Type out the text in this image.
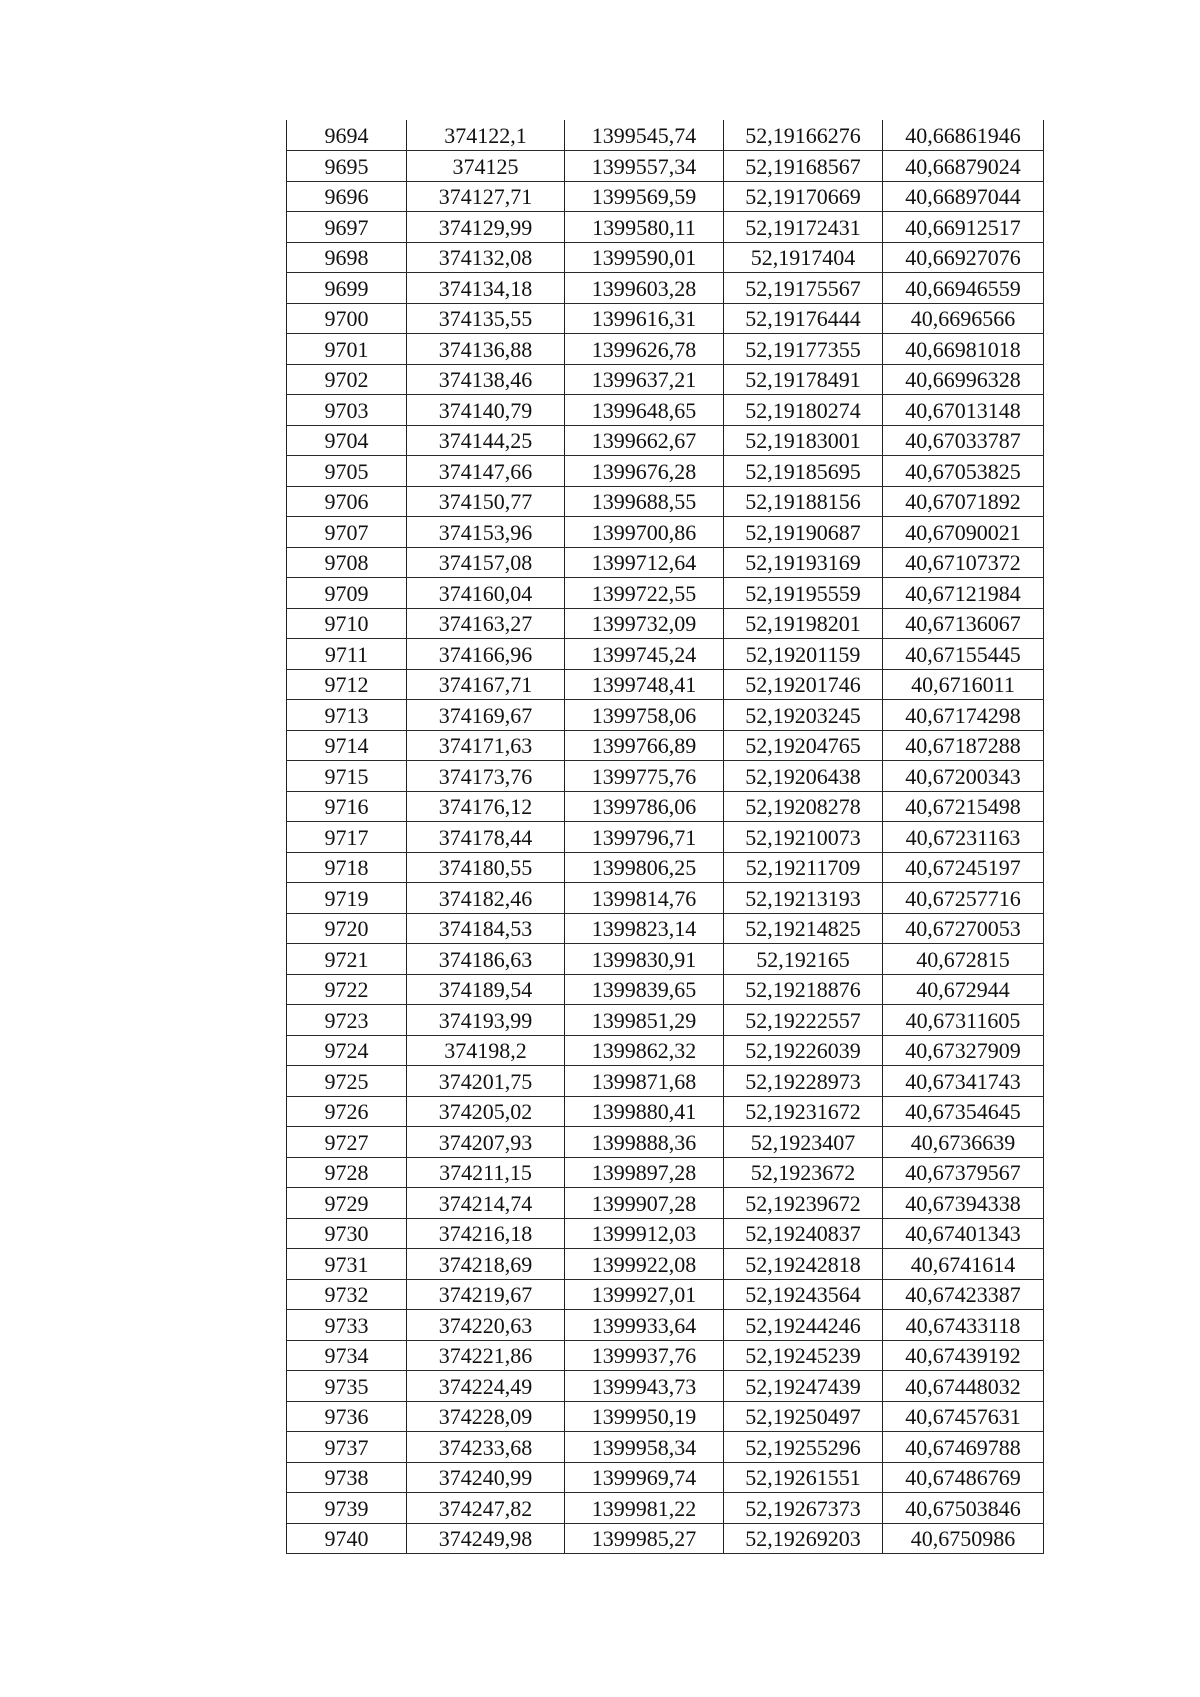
9694	374122,1	1399545,74	52,19166276	40,66861946
9695	374125	1399557,34	52,19168567	40,66879024
9696	374127,71	1399569,59	52,19170669	40,66897044
9697	374129,99	1399580,11	52,19172431	40,66912517
9698	374132,08	1399590,01	52,1917404	40,66927076
9699	374134,18	1399603,28	52,19175567	40,66946559
9700	374135,55	1399616,31	52,19176444	40,6696566
9701	374136,88	1399626,78	52,19177355	40,66981018
9702	374138,46	1399637,21	52,19178491	40,66996328
9703	374140,79	1399648,65	52,19180274	40,67013148
9704	374144,25	1399662,67	52,19183001	40,67033787
9705	374147,66	1399676,28	52,19185695	40,67053825
9706	374150,77	1399688,55	52,19188156	40,67071892
9707	374153,96	1399700,86	52,19190687	40,67090021
9708	374157,08	1399712,64	52,19193169	40,67107372
9709	374160,04	1399722,55	52,19195559	40,67121984
9710	374163,27	1399732,09	52,19198201	40,67136067
9711	374166,96	1399745,24	52,19201159	40,67155445
9712	374167,71	1399748,41	52,19201746	40,6716011
9713	374169,67	1399758,06	52,19203245	40,67174298
9714	374171,63	1399766,89	52,19204765	40,67187288
9715	374173,76	1399775,76	52,19206438	40,67200343
9716	374176,12	1399786,06	52,19208278	40,67215498
9717	374178,44	1399796,71	52,19210073	40,67231163
9718	374180,55	1399806,25	52,19211709	40,67245197
9719	374182,46	1399814,76	52,19213193	40,67257716
9720	374184,53	1399823,14	52,19214825	40,67270053
9721	374186,63	1399830,91	52,192165	40,672815
9722	374189,54	1399839,65	52,19218876	40,672944
9723	374193,99	1399851,29	52,19222557	40,67311605
9724	374198,2	1399862,32	52,19226039	40,67327909
9725	374201,75	1399871,68	52,19228973	40,67341743
9726	374205,02	1399880,41	52,19231672	40,67354645
9727	374207,93	1399888,36	52,1923407	40,6736639
9728	374211,15	1399897,28	52,1923672	40,67379567
9729	374214,74	1399907,28	52,19239672	40,67394338
9730	374216,18	1399912,03	52,19240837	40,67401343
9731	374218,69	1399922,08	52,19242818	40,6741614
9732	374219,67	1399927,01	52,19243564	40,67423387
9733	374220,63	1399933,64	52,19244246	40,67433118
9734	374221,86	1399937,76	52,19245239	40,67439192
9735	374224,49	1399943,73	52,19247439	40,67448032
9736	374228,09	1399950,19	52,19250497	40,67457631
9737	374233,68	1399958,34	52,19255296	40,67469788
9738	374240,99	1399969,74	52,19261551	40,67486769
9739	374247,82	1399981,22	52,19267373	40,67503846
9740	374249,98	1399985,27	52,19269203	40,6750986
